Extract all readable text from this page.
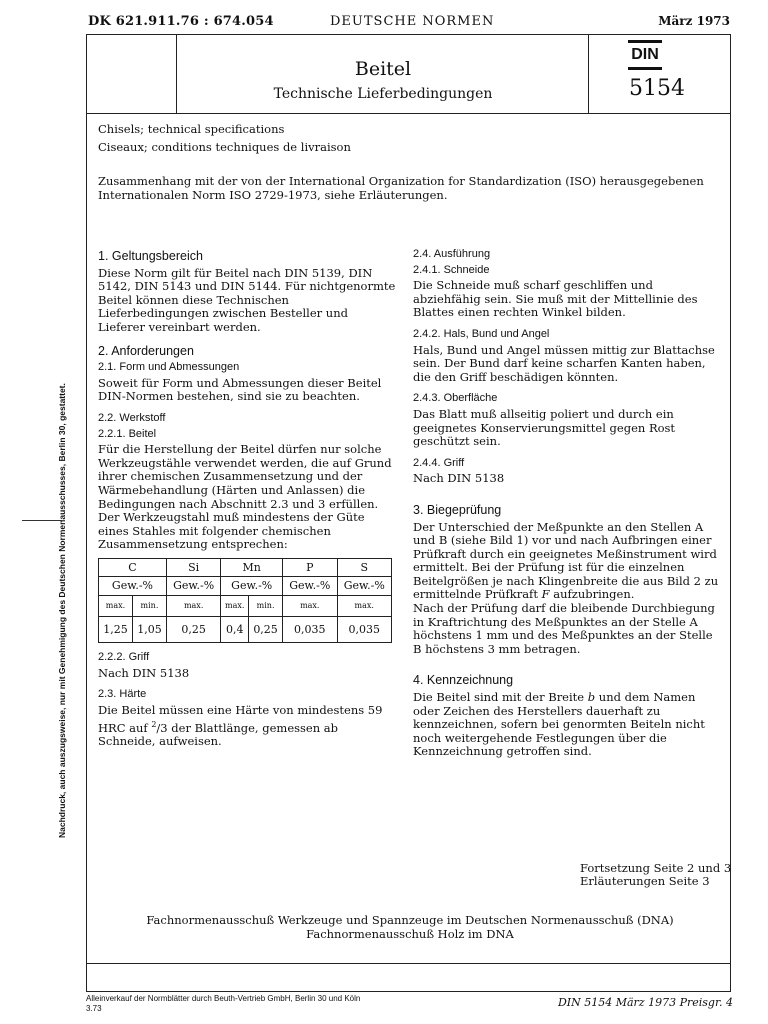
DK 621.911.76 : 674.054	DEUTSCHE NORMEN	März 1973
Beitel
Technische Lieferbedingungen
DIN
5154
Chisels; technical specifications
Ciseaux; conditions techniques de livraison
Zusammenhang mit der von der International Organization for Standardization (ISO) herausgegebenen Internationalen Norm ISO 2729-1973, siehe Erläuterungen.
1. Geltungsbereich

Diese Norm gilt für Beitel nach DIN 5139, DIN 5142, DIN 5143 und DIN 5144. Für nichtgenormte Beitel können diese Technischen Lieferbedingungen zwischen Besteller und Lieferer vereinbart werden.

2. Anforderungen
2.1. Form und Abmessungen

Soweit für Form und Abmessungen dieser Beitel DIN-Normen bestehen, sind sie zu beachten.

2.2. Werkstoff
2.2.1. Beitel

Für die Herstellung der Beitel dürfen nur solche Werkzeugstähle verwendet werden, die auf Grund ihrer chemischen Zusammensetzung und der Wärmebehandlung (Härten und Anlassen) die Bedingungen nach Abschnitt 2.3 und 3 erfüllen.

Der Werkzeugstahl muß mindestens der Güte eines Stahles mit folgender chemischen Zusammensetzung entsprechen:

C		Si	Mn		P	S
Gew.-%		Gew.-%	Gew.-%		Gew.-%	Gew.-%
max.	min.	max.	max.	min.	max.	max.
1,25	1,05	0,25	0,4	0,25	0,035	0,035
2.2.2. Griff

Nach DIN 5138

2.3. Härte

Die Beitel müssen eine Härte von mindestens 59 HRC auf $^2$/3 der Blattlänge, gemessen ab Schneide, aufweisen.

2.4. Ausführung
2.4.1. Schneide

Die Schneide muß scharf geschliffen und abziehfähig sein. Sie muß mit der Mittellinie des Blattes einen rechten Winkel bilden.

2.4.2. Hals, Bund und Angel

Hals, Bund und Angel müssen mittig zur Blattachse sein. Der Bund darf keine scharfen Kanten haben, die den Griff beschädigen könnten.

2.4.3. Oberfläche

Das Blatt muß allseitig poliert und durch ein geeignetes Konservierungsmittel gegen Rost geschützt sein.

2.4.4. Griff

Nach DIN 5138

3. Biegeprüfung

Der Unterschied der Meßpunkte an den Stellen A und B (siehe Bild 1) vor und nach Aufbringen einer Prüfkraft durch ein geeignetes Meßinstrument wird ermittelt. Bei der Prüfung ist für die einzelnen Beitelgrößen je nach Klingenbreite die aus Bild 2 zu ermittelnde Prüfkraft F aufzubringen.

Nach der Prüfung darf die bleibende Durchbiegung in Kraftrichtung des Meßpunktes an der Stelle A höchstens 1 mm und des Meßpunktes an der Stelle B höchstens 3 mm betragen.

4. Kennzeichnung

Die Beitel sind mit der Breite b und dem Namen oder Zeichen des Herstellers dauerhaft zu kennzeichnen, sofern bei genormten Beiteln nicht noch weitergehende Festlegungen über die Kennzeichnung getroffen sind.

Fortsetzung Seite 2 und 3
Erläuterungen Seite 3
Fachnormenausschuß Werkzeuge und Spannzeuge im Deutschen Normenausschuß (DNA)
Fachnormenausschuß Holz im DNA
Nachdruck, auch auszugsweise, nur mit Genehmigung des Deutschen Normenausschusses, Berlin 30, gestattet.
Alleinverkauf der Normblätter durch Beuth-Vertrieb GmbH, Berlin 30 und Köln
3.73	DIN 5154 März 1973 Preisgr. 4
